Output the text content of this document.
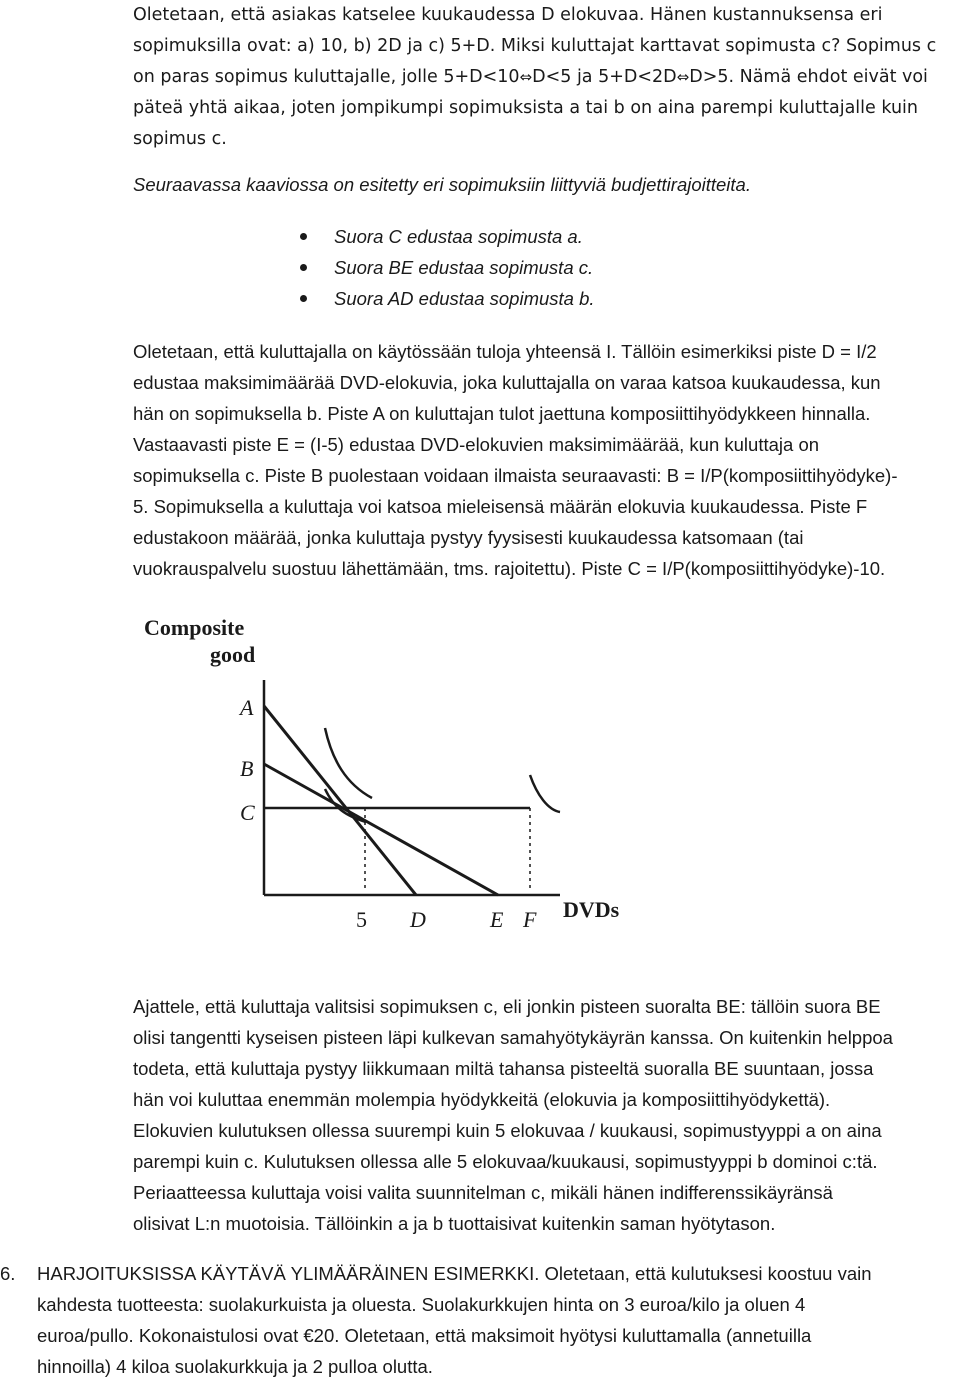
Oletetaan, että asiakas katselee kuukaudessa D elokuvaa. Hänen kustannuksensa eri
sopimuksilla ovat: a) 10, b) 2D ja c) 5+D. Miksi kuluttajat karttavat sopimusta c? Sopimus c
on paras sopimus kuluttajalle, jolle 5+D<10⇔D<5 ja 5+D<2D⇔D>5. Nämä ehdot eivät voi
päteä yhtä aikaa, joten jompikumpi sopimuksista a tai b on aina parempi kuluttajalle kuin
sopimus c.
Seuraavassa kaaviossa on esitetty eri sopimuksiin liittyviä budjettirajoitteita.
Suora C edustaa sopimusta a.
Suora BE edustaa sopimusta c.
Suora AD edustaa sopimusta b.
Oletetaan, että kuluttajalla on käytössään tuloja yhteensä I. Tällöin esimerkiksi piste D = I/2
edustaa maksimimäärää DVD-elokuvia, joka kuluttajalla on varaa katsoa kuukaudessa, kun
hän on sopimuksella b. Piste A on kuluttajan tulot jaettuna komposiittihyödykkeen hinnalla.
Vastaavasti piste E = (I-5) edustaa DVD-elokuvien maksimimäärää, kun kuluttaja on
sopimuksella c. Piste B puolestaan voidaan ilmaista seuraavasti: B = I/P(komposiittihyödyke)-
5. Sopimuksella a kuluttaja voi katsoa mieleisensä määrän elokuvia kuukaudessa. Piste F
edustakoon määrää, jonka kuluttaja pystyy fyysisesti kuukaudessa katsomaan (tai
vuokrauspalvelu suostuu lähettämään, tms. rajoitettu). Piste C = I/P(komposiittihyödyke)-10.
Composite
good
A
B
C
DVDs
5 D	E F
Ajattele, että kuluttaja valitsisi sopimuksen c, eli jonkin pisteen suoralta BE: tällöin suora BE
olisi tangentti kyseisen pisteen läpi kulkevan samahyötykäyrän kanssa. On kuitenkin helppoa
todeta, että kuluttaja pystyy liikkumaan miltä tahansa pisteeltä suoralla BE suuntaan, jossa
hän voi kuluttaa enemmän molempia hyödykkeitä (elokuvia ja komposiittihyödykettä).
Elokuvien kulutuksen ollessa suurempi kuin 5 elokuvaa / kuukausi, sopimustyyppi a on aina
parempi kuin c. Kulutuksen ollessa alle 5 elokuvaa/kuukausi, sopimustyyppi b dominoi c:tä.
Periaatteessa kuluttaja voisi valita suunnitelman c, mikäli hänen indifferenssikäyränsä
olisivat L:n muotoisia. Tällöinkin a ja b tuottaisivat kuitenkin saman hyötytason.
6. HARJOITUKSISSA KÄYTÄVÄ YLIMÄÄRÄINEN ESIMERKKI. Oletetaan, että kulutuksesi koostuu vain
kahdesta tuotteesta: suolakurkuista ja oluesta. Suolakurkkujen hinta on 3 euroa/kilo ja oluen 4
euroa/pullo. Kokonaistulosi ovat €20. Oletetaan, että maksimoit hyötysi kuluttamalla (annetuilla
hinnoilla) 4 kiloa suolakurkkuja ja 2 pulloa olutta.
